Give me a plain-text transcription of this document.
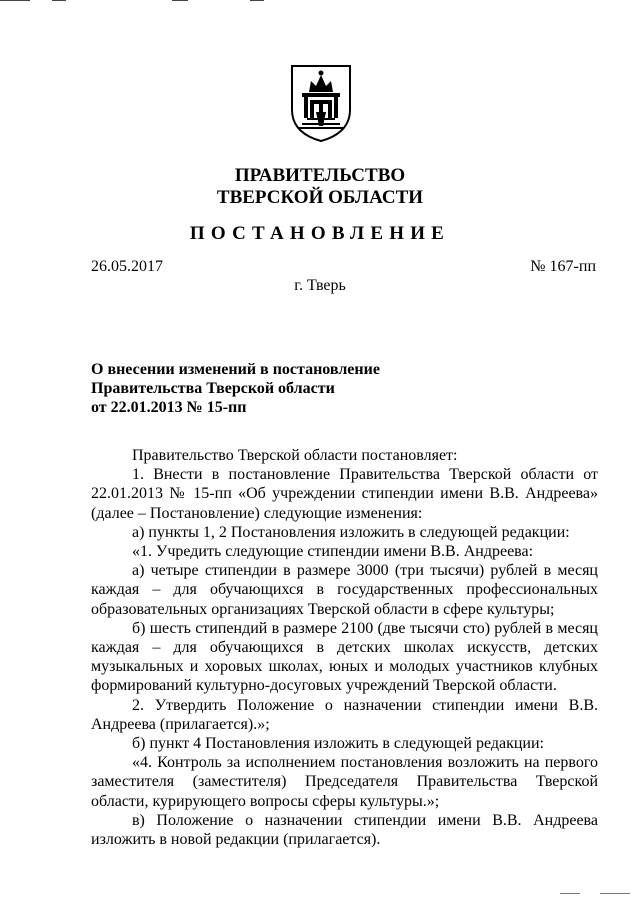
ПРАВИТЕЛЬСТВО
ТВЕРСКОЙ ОБЛАСТИ
ПОСТАНОВЛЕНИЕ
26.05.2017	№ 167-пп
г. Тверь
О внесении изменений в постановление
Правительства Тверской области
от 22.01.2013 № 15-пп

Правительство Тверской области постановляет:

1. Внести в постановление Правительства Тверской области от 22.01.2013 № 15-пп «Об учреждении стипендии имени В.В. Андреева» (далее – Постановление) следующие изменения:

а) пункты 1, 2 Постановления изложить в следующей редакции:

«1. Учредить следующие стипендии имени В.В. Андреева:

а) четыре стипендии в размере 3000 (три тысячи) рублей в месяц каждая – для обучающихся в государственных профессиональных образовательных организациях Тверской области в сфере культуры;

б) шесть стипендий в размере 2100 (две тысячи сто) рублей в месяц каждая – для обучающихся в детских школах искусств, детских музыкальных и хоровых школах, юных и молодых участников клубных формирований культурно-досуговых учреждений Тверской области.

2. Утвердить Положение о назначении стипендии имени В.В. Андреева (прилагается).»;

б) пункт 4 Постановления изложить в следующей редакции:

«4. Контроль за исполнением постановления возложить на первого заместителя (заместителя) Председателя Правительства Тверской области, курирующего вопросы сферы культуры.»;

в) Положение о назначении стипендии имени В.В. Андреева изложить в новой редакции (прилагается).
